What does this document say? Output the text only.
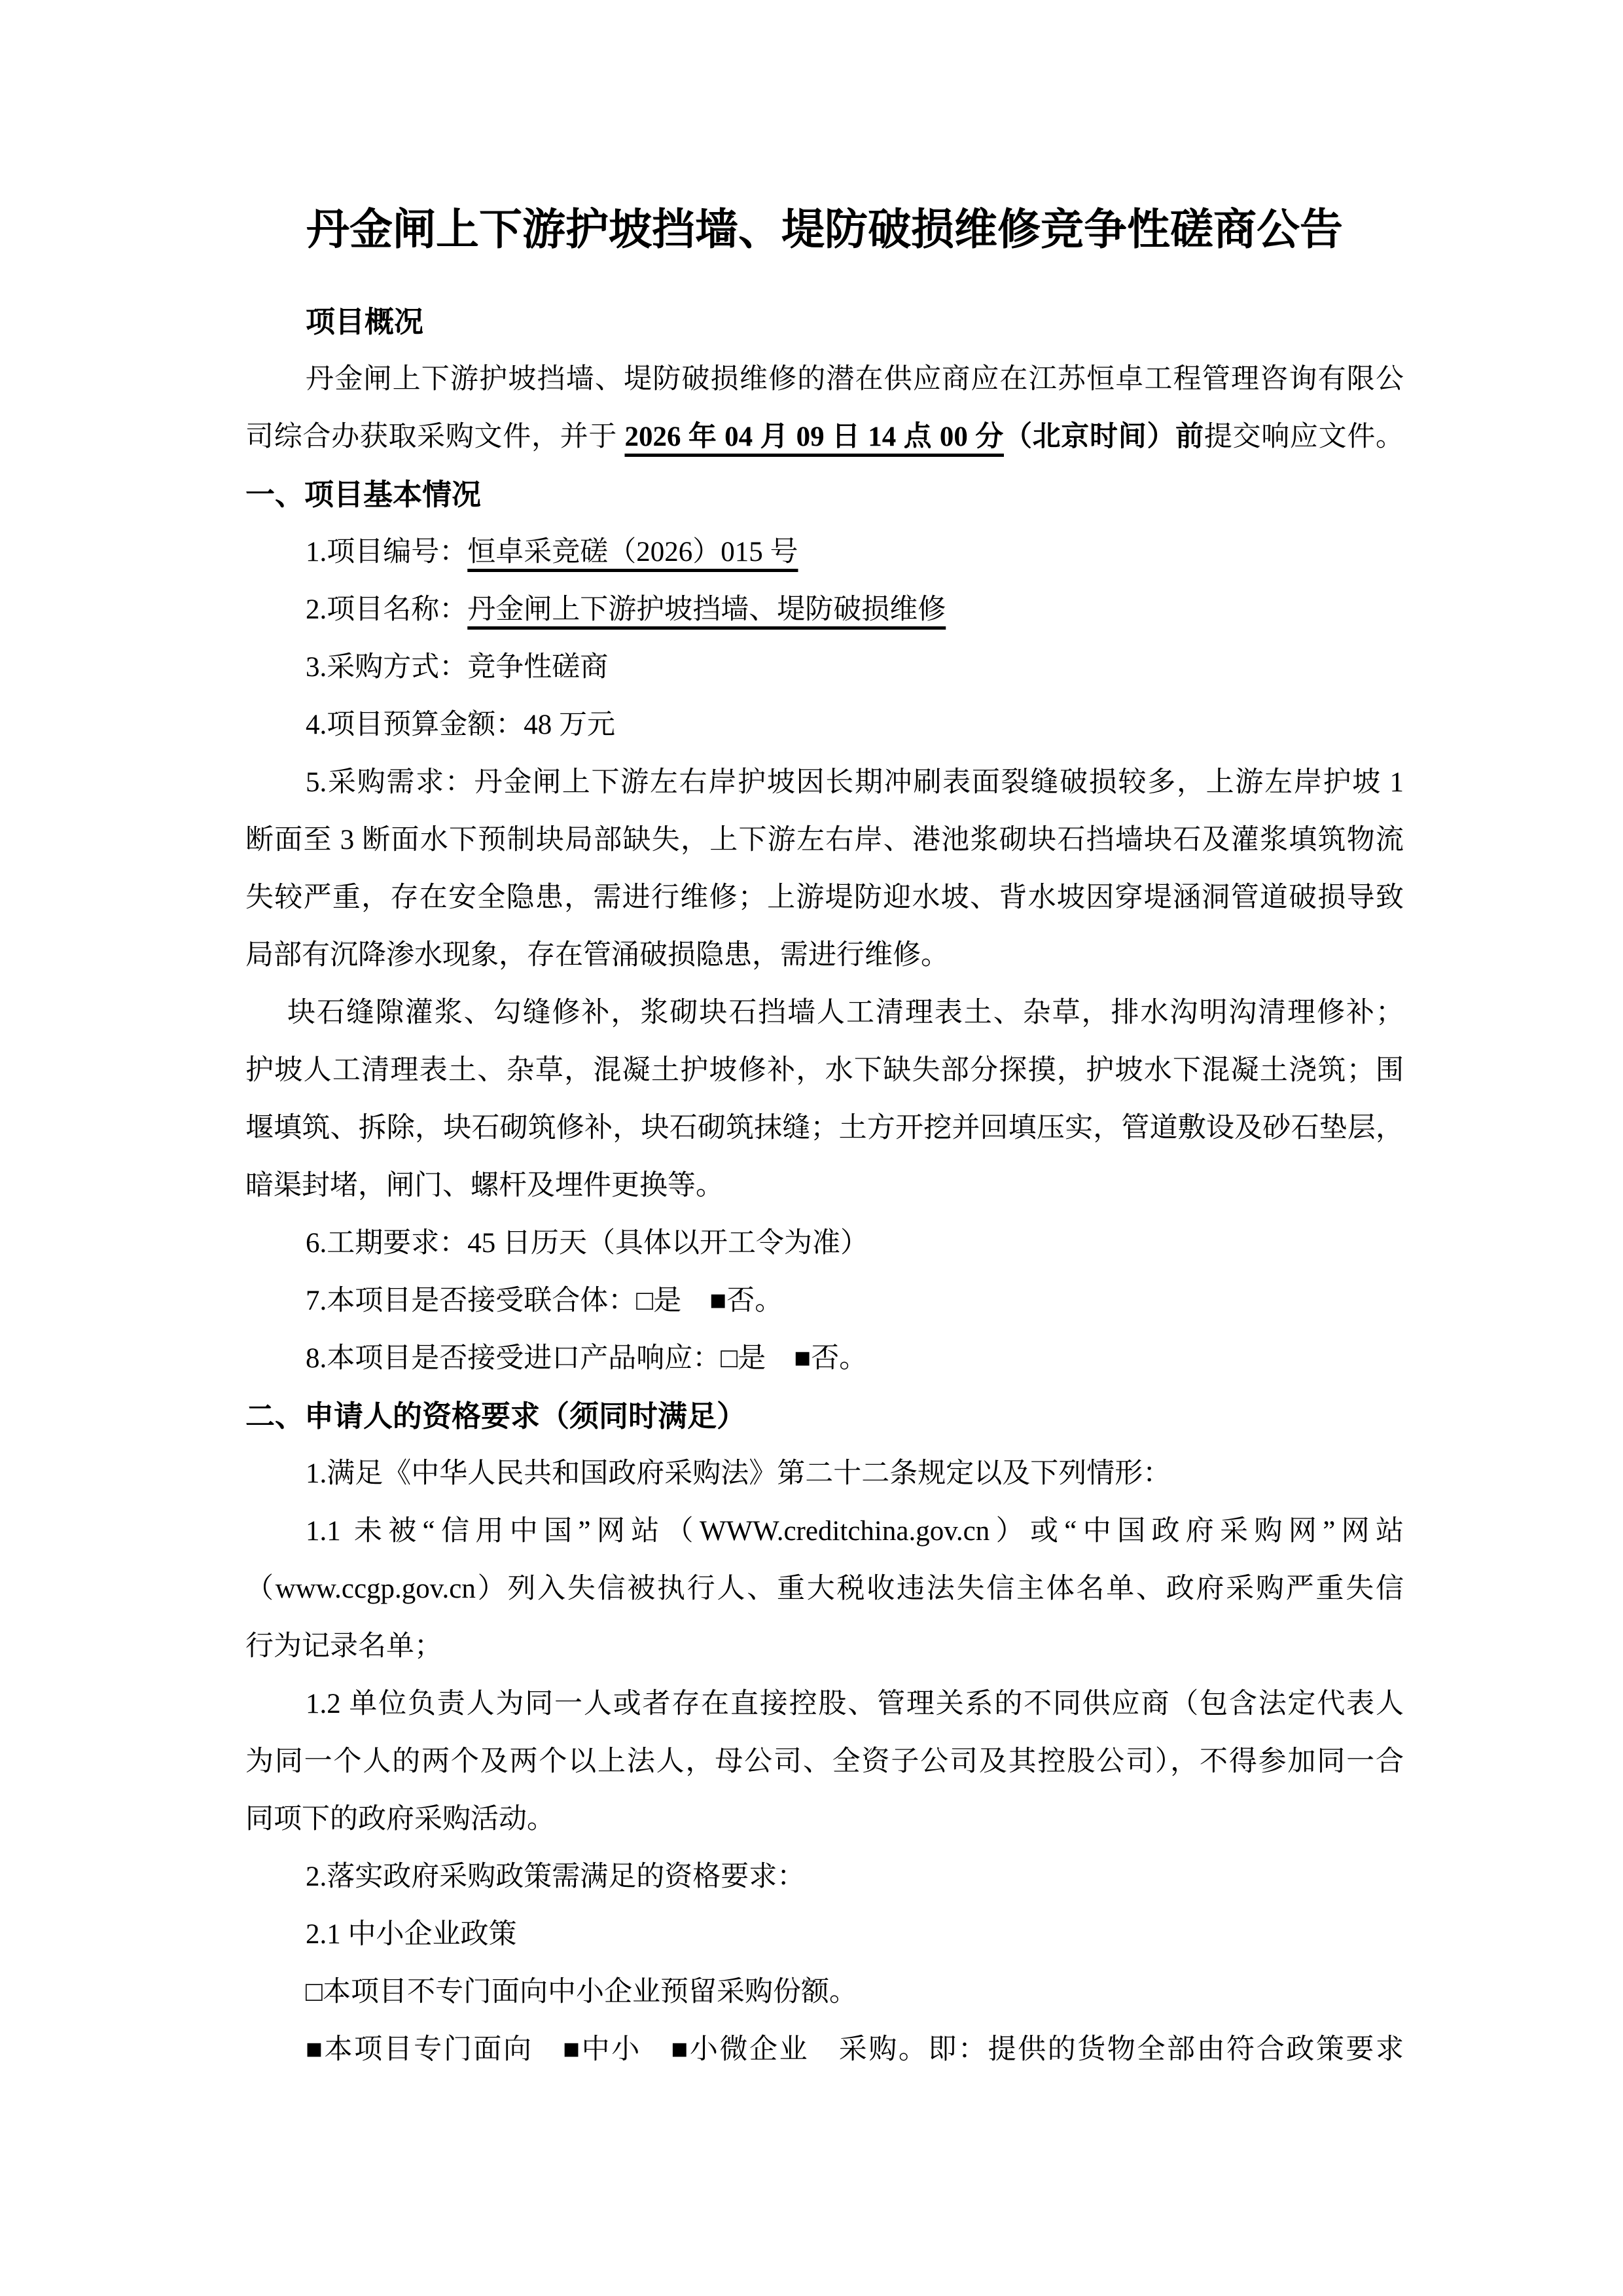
丹金闸上下游护坡挡墙、堤防破损维修竞争性磋商公告
项目概况
丹金闸上下游护坡挡墙、堤防破损维修的潜在供应商应在江苏恒卓工程管理咨询有限公
司综合办获取采购文件，并于 2026 年 04 月 09 日 14 点 00 分（北京时间）前提交响应文件。
一、项目基本情况
1.项目编号：恒卓采竞磋（2026）015 号
2.项目名称：丹金闸上下游护坡挡墙、堤防破损维修
3.采购方式：竞争性磋商
4.项目预算金额：48 万元
5.采购需求：丹金闸上下游左右岸护坡因长期冲刷表面裂缝破损较多，上游左岸护坡 1
断面至 3 断面水下预制块局部缺失，上下游左右岸、港池浆砌块石挡墙块石及灌浆填筑物流
失较严重，存在安全隐患，需进行维修；上游堤防迎水坡、背水坡因穿堤涵洞管道破损导致
局部有沉降渗水现象，存在管涌破损隐患，需进行维修。
块石缝隙灌浆、勾缝修补，浆砌块石挡墙人工清理表土、杂草，排水沟明沟清理修补；
护坡人工清理表土、杂草，混凝土护坡修补，水下缺失部分探摸，护坡水下混凝土浇筑；围
堰填筑、拆除，块石砌筑修补，块石砌筑抹缝；土方开挖并回填压实，管道敷设及砂石垫层，
暗渠封堵，闸门、螺杆及埋件更换等。
6.工期要求：45 日历天（具体以开工令为准）
7.本项目是否接受联合体：□是　■否。
8.本项目是否接受进口产品响应：□是　■否。
二、申请人的资格要求（须同时满足）
1.满足《中华人民共和国政府采购法》第二十二条规定以及下列情形：
1.1 未被“信用中国”网站（WWW.creditchina.gov.cn）或“中国政府采购网”网站
（www.ccgp.gov.cn）列入失信被执行人、重大税收违法失信主体名单、政府采购严重失信
行为记录名单；
1.2 单位负责人为同一人或者存在直接控股、管理关系的不同供应商（包含法定代表人
为同一个人的两个及两个以上法人，母公司、全资子公司及其控股公司），不得参加同一合
同项下的政府采购活动。
2.落实政府采购政策需满足的资格要求：
2.1 中小企业政策
□本项目不专门面向中小企业预留采购份额。
■本项目专门面向　■中小　■小微企业　采购。即：提供的货物全部由符合政策要求
